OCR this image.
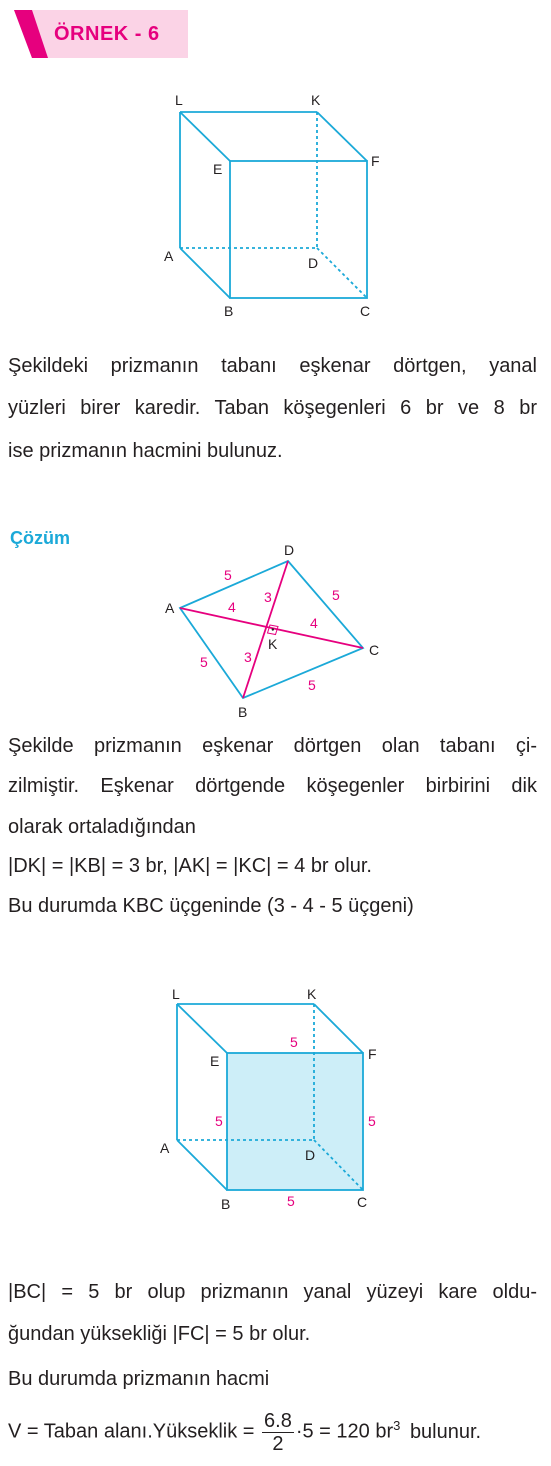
ÖRNEK - 6
L	K
E	F
A	D
B	C
Şekildeki prizmanın tabanı eşkenar dörtgen, yanal
yüzleri birer karedir. Taban köşegenleri 6 br ve 8 br
ise prizmanın hacmini bulunuz.
Çözüm
D
A
C
B
K
5
5
5
5
4
4
3
3
Şekilde prizmanın eşkenar dörtgen olan tabanı çi-
zilmiştir. Eşkenar dörtgende köşegenler birbirini dik
olarak ortaladığından
|DK| = |KB| = 3 br, |AK| = |KC| = 4 br olur.
Bu durumda KBC üçgeninde (3 - 4 - 5 üçgeni)
L	K
E	F
A	D
B	C
5
5	5
5
|BC| = 5 br olup prizmanın yanal yüzeyi kare oldu-
ğundan yüksekliği |FC| = 5 br olur.
Bu durumda prizmanın hacmi
V = Taban alanı.Yükseklik = $\frac{6.8}{2} \cdot 5 = 120$ $br^3$ bulunur.
